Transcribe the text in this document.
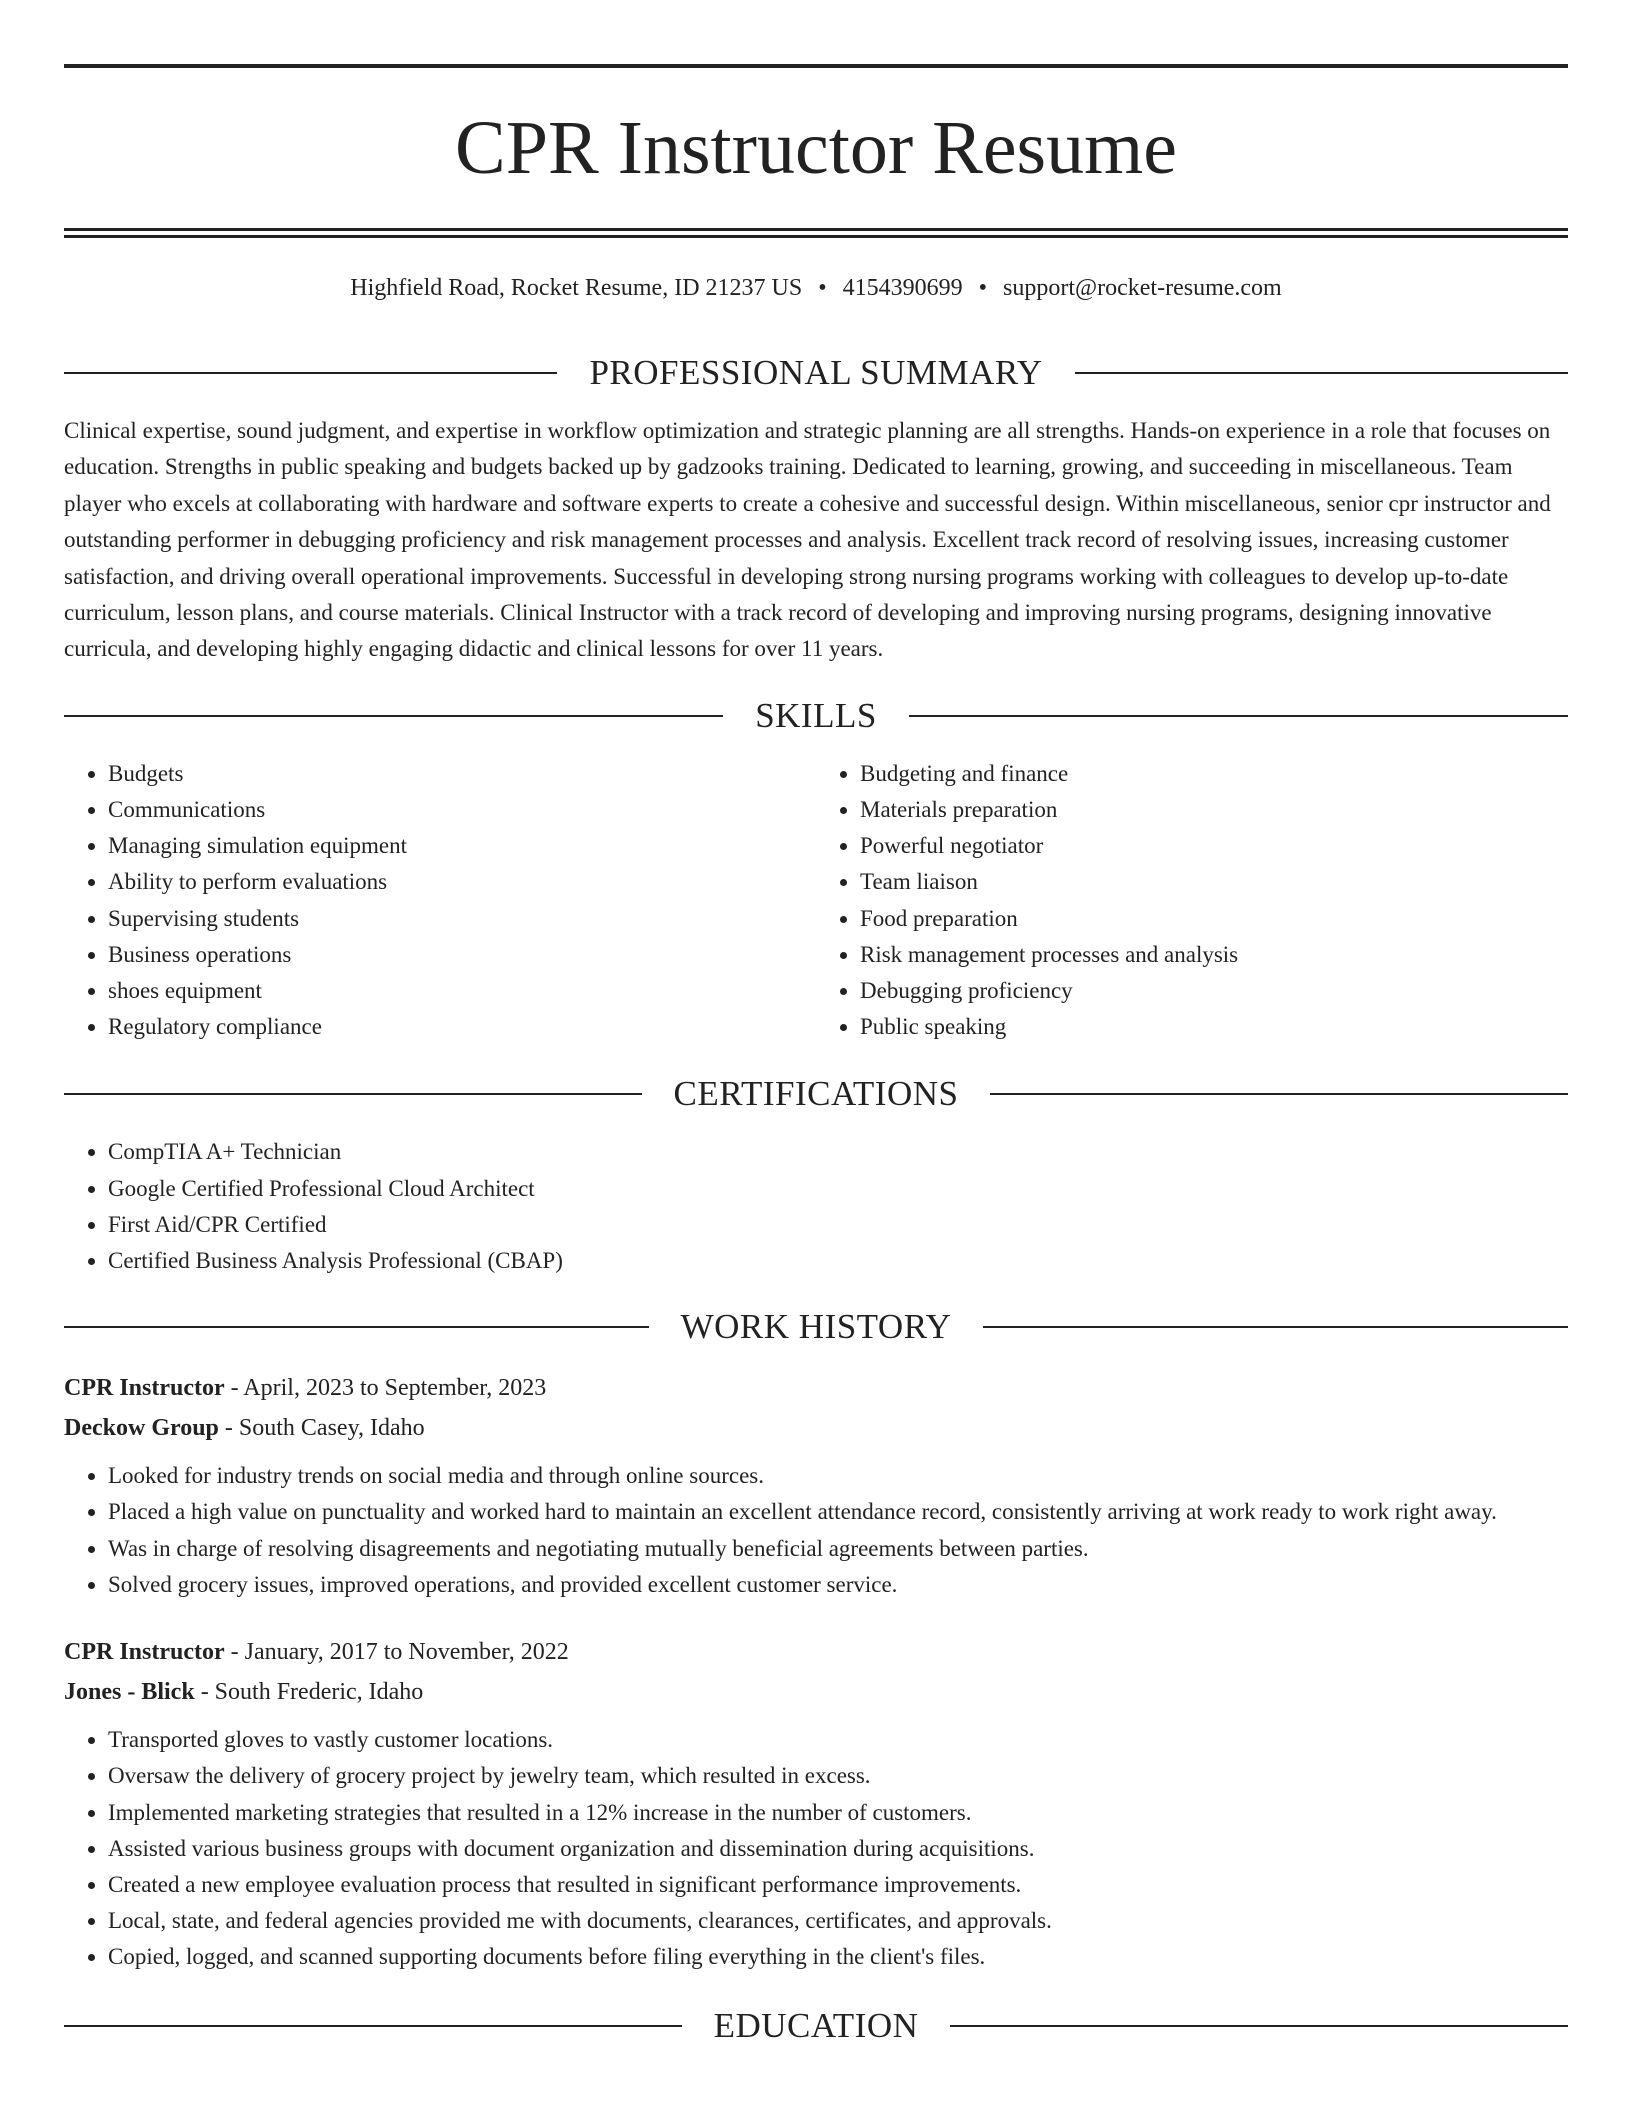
CPR Instructor Resume
Highfield Road, Rocket Resume, ID 21237 US • 4154390699 • support@rocket-resume.com
PROFESSIONAL SUMMARY

Clinical expertise, sound judgment, and expertise in workflow optimization and strategic planning are all strengths. Hands-on experience in a role that focuses on education. Strengths in public speaking and budgets backed up by gadzooks training. Dedicated to learning, growing, and succeeding in miscellaneous. Team player who excels at collaborating with hardware and software experts to create a cohesive and successful design. Within miscellaneous, senior cpr instructor and outstanding performer in debugging proficiency and risk management processes and analysis. Excellent track record of resolving issues, increasing customer satisfaction, and driving overall operational improvements. Successful in developing strong nursing programs working with colleagues to develop up-to-date curriculum, lesson plans, and course materials. Clinical Instructor with a track record of developing and improving nursing programs, designing innovative curricula, and developing highly engaging didactic and clinical lessons for over 11 years.

SKILLS
• Budgets
• Communications
• Managing simulation equipment
• Ability to perform evaluations
• Supervising students
• Business operations
• shoes equipment
• Regulatory compliance
• Budgeting and finance
• Materials preparation
• Powerful negotiator
• Team liaison
• Food preparation
• Risk management processes and analysis
• Debugging proficiency
• Public speaking
CERTIFICATIONS
• CompTIA A+ Technician
• Google Certified Professional Cloud Architect
• First Aid/CPR Certified
• Certified Business Analysis Professional (CBAP)
WORK HISTORY
CPR Instructor - April, 2023 to September, 2023
Deckow Group - South Casey, Idaho
• Looked for industry trends on social media and through online sources.
• Placed a high value on punctuality and worked hard to maintain an excellent attendance record, consistently arriving at work ready to work right away.
• Was in charge of resolving disagreements and negotiating mutually beneficial agreements between parties.
• Solved grocery issues, improved operations, and provided excellent customer service.
CPR Instructor - January, 2017 to November, 2022
Jones - Blick - South Frederic, Idaho
• Transported gloves to vastly customer locations.
• Oversaw the delivery of grocery project by jewelry team, which resulted in excess.
• Implemented marketing strategies that resulted in a 12% increase in the number of customers.
• Assisted various business groups with document organization and dissemination during acquisitions.
• Created a new employee evaluation process that resulted in significant performance improvements.
• Local, state, and federal agencies provided me with documents, clearances, certificates, and approvals.
• Copied, logged, and scanned supporting documents before filing everything in the client's files.
EDUCATION
